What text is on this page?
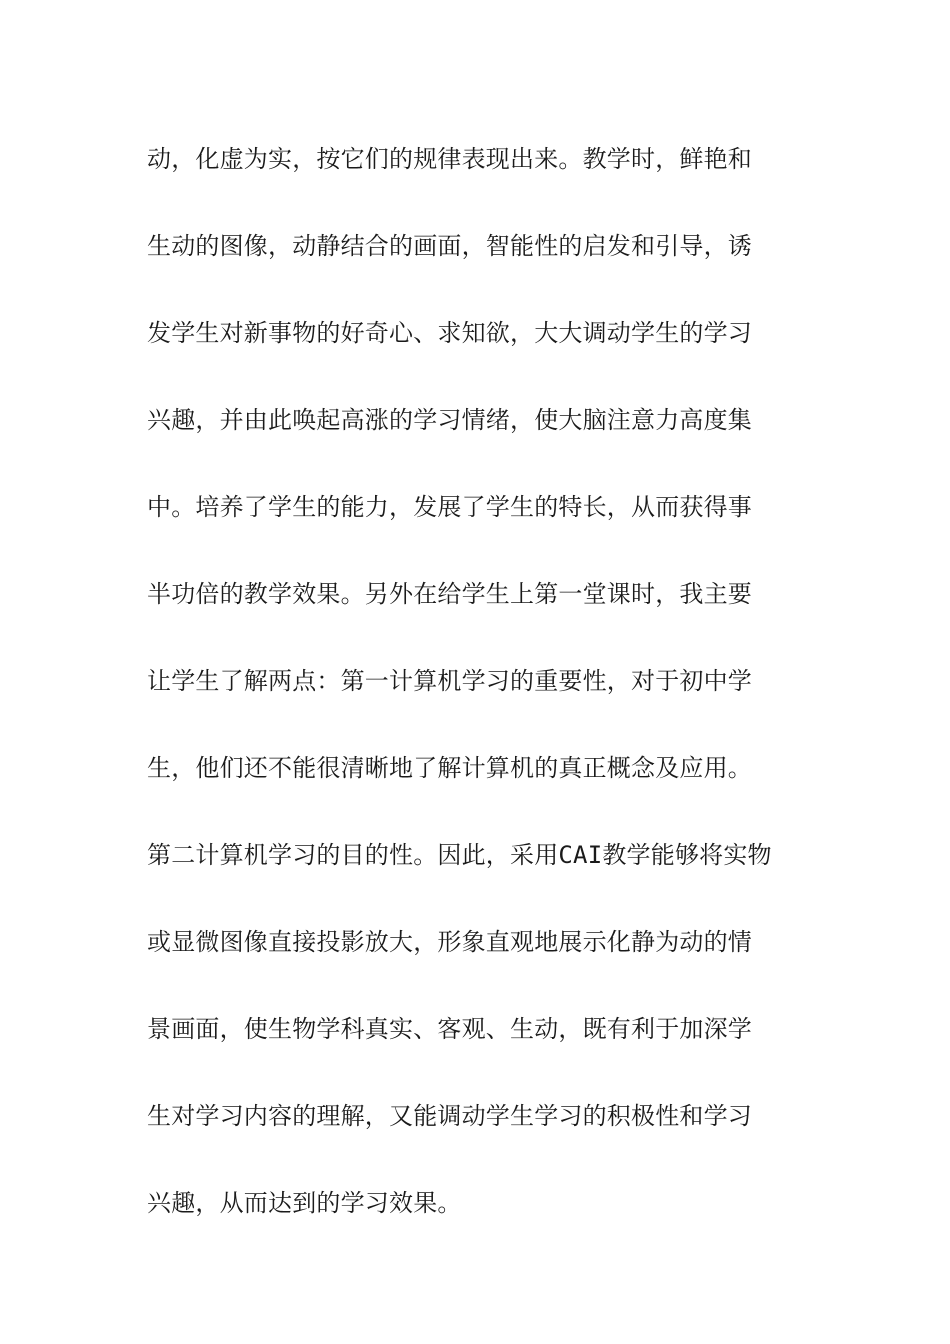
动，化虚为实，按它们的规律表现出来。教学时，鲜艳和
生动的图像，动静结合的画面，智能性的启发和引导，诱
发学生对新事物的好奇心、求知欲，大大调动学生的学习
兴趣，并由此唤起高涨的学习情绪，使大脑注意力高度集
中。培养了学生的能力，发展了学生的特长，从而获得事
半功倍的教学效果。另外在给学生上第一堂课时，我主要
让学生了解两点：第一计算机学习的重要性，对于初中学
生，他们还不能很清晰地了解计算机的真正概念及应用。
第二计算机学习的目的性。因此，采用CAI教学能够将实物
或显微图像直接投影放大，形象直观地展示化静为动的情
景画面，使生物学科真实、客观、生动，既有利于加深学
生对学习内容的理解，又能调动学生学习的积极性和学习
兴趣，从而达到的学习效果。
